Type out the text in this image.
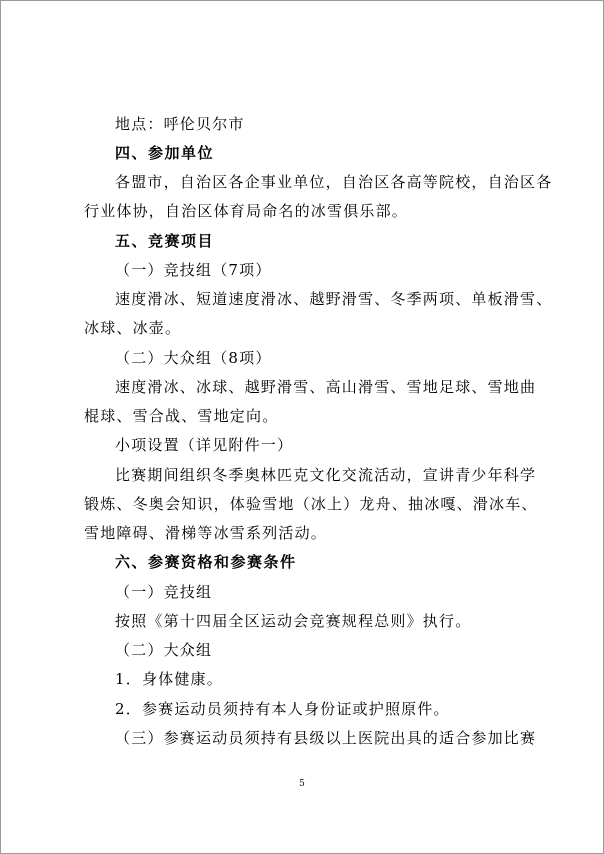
地点：呼伦贝尔市
四、参加单位
各盟市，自治区各企事业单位，自治区各高等院校，自治区各
行业体协，自治区体育局命名的冰雪俱乐部。
五、竞赛项目
（一）竞技组（7项）
速度滑冰、短道速度滑冰、越野滑雪、冬季两项、单板滑雪、
冰球、冰壶。
（二）大众组（8项）
速度滑冰、冰球、越野滑雪、高山滑雪、雪地足球、雪地曲
棍球、雪合战、雪地定向。
小项设置（详见附件一）
比赛期间组织冬季奥林匹克文化交流活动，宣讲青少年科学
锻炼、冬奥会知识，体验雪地（冰上）龙舟、抽冰嘎、滑冰车、
雪地障碍、滑梯等冰雪系列活动。
六、参赛资格和参赛条件
（一）竞技组
按照《第十四届全区运动会竞赛规程总则》执行。
（二）大众组
1．身体健康。
2．参赛运动员须持有本人身份证或护照原件。
（三）参赛运动员须持有县级以上医院出具的适合参加比赛
5
